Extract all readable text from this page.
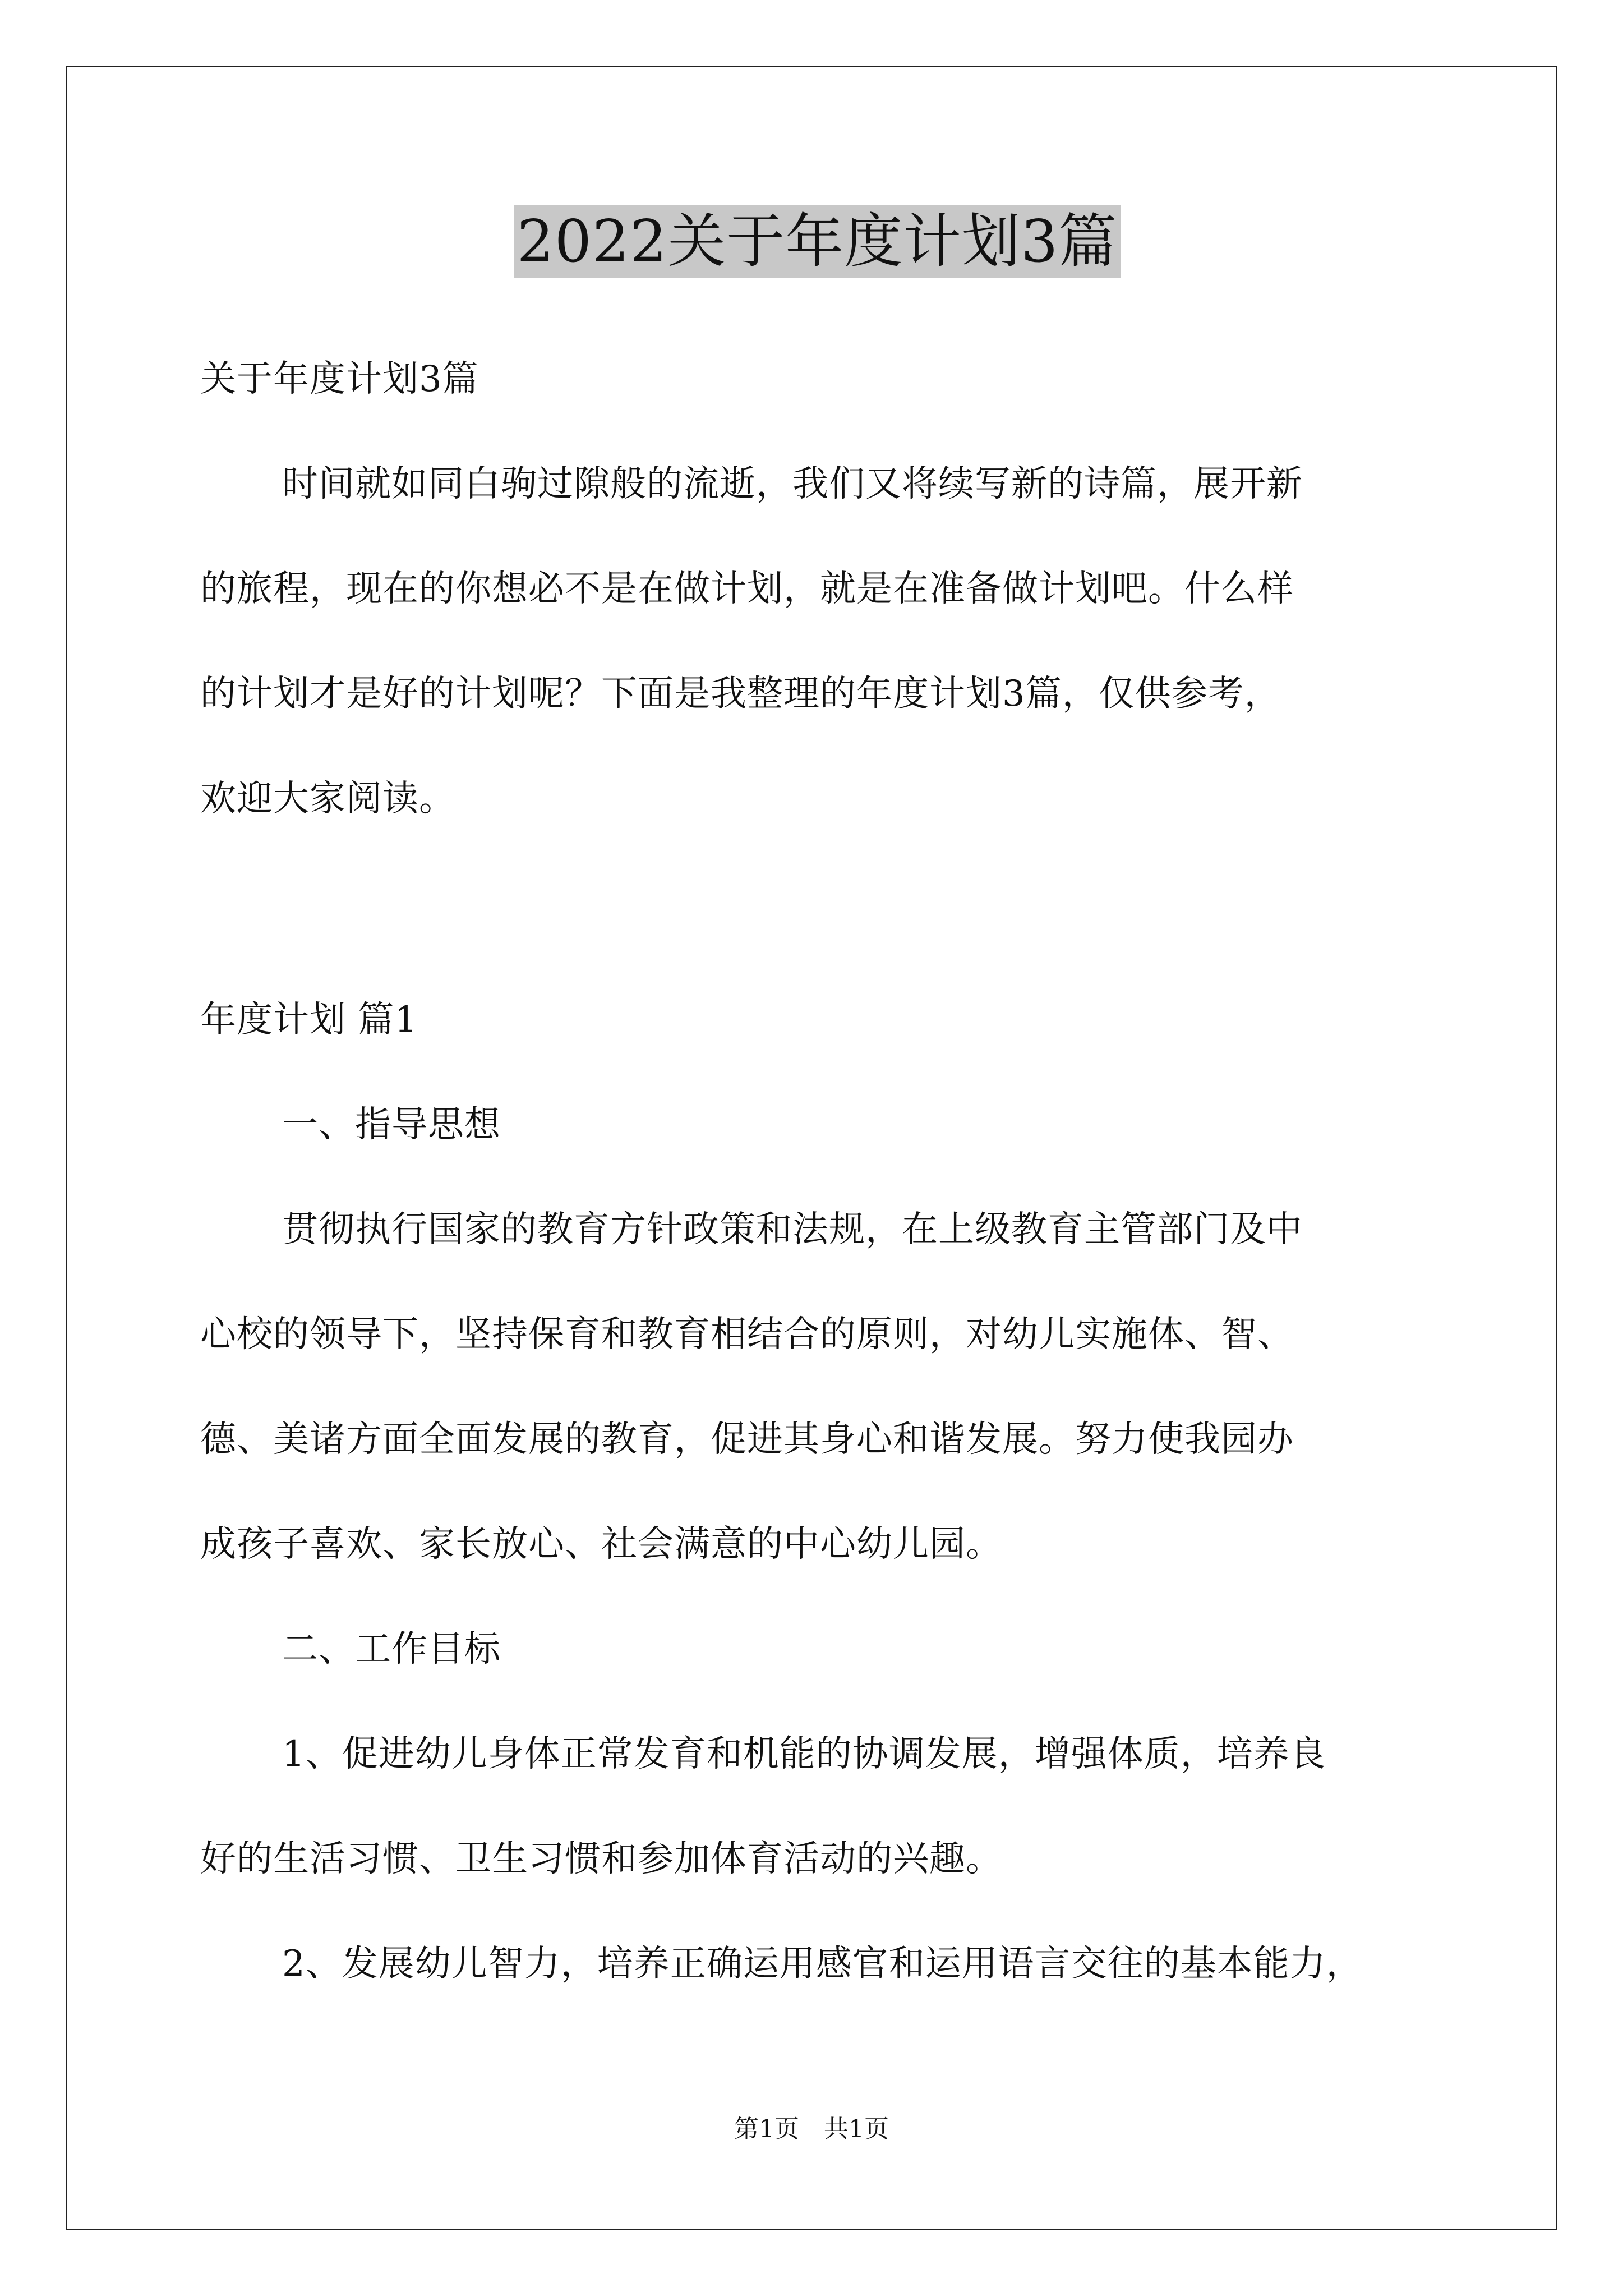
2022关于年度计划3篇
关于年度计划3篇
时间就如同白驹过隙般的流逝，我们又将续写新的诗篇，展开新
的旅程，现在的你想必不是在做计划，就是在准备做计划吧。什么样
的计划才是好的计划呢？下面是我整理的年度计划3篇，仅供参考，
欢迎大家阅读。
年度计划 篇1
一、指导思想
贯彻执行国家的教育方针政策和法规，在上级教育主管部门及中
心校的领导下，坚持保育和教育相结合的原则，对幼儿实施体、智、
德、美诸方面全面发展的教育，促进其身心和谐发展。努力使我园办
成孩子喜欢、家长放心、社会满意的中心幼儿园。
二、工作目标
1、促进幼儿身体正常发育和机能的协调发展，增强体质，培养良
好的生活习惯、卫生习惯和参加体育活动的兴趣。
2、发展幼儿智力，培养正确运用感官和运用语言交往的基本能力，
第1页　共1页
